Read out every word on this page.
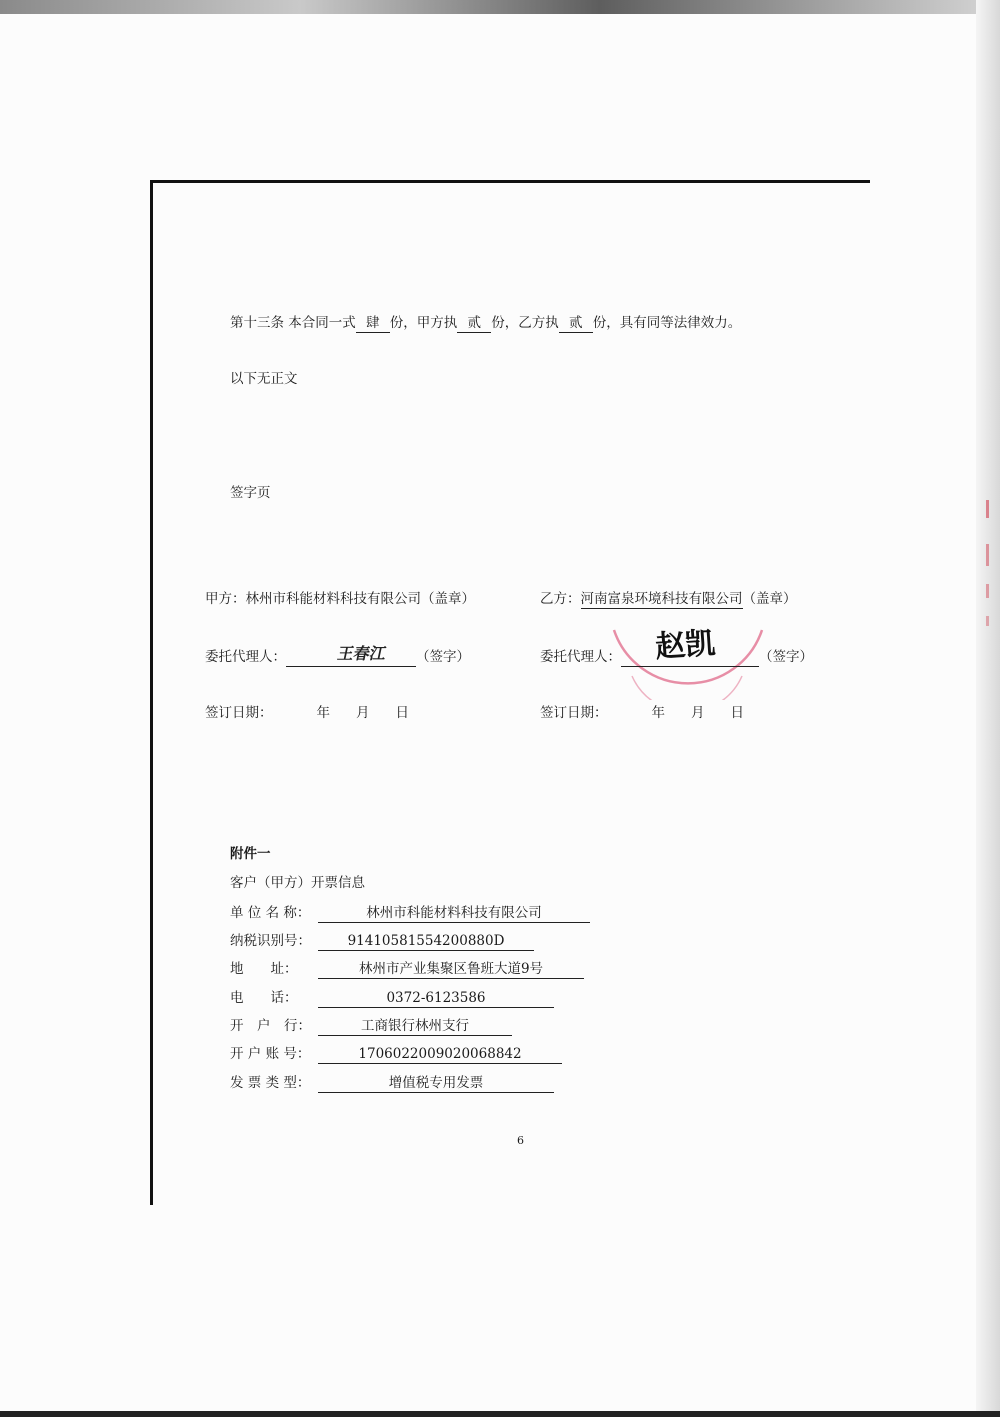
第十三条 本合同一式 肆 份，甲方执 贰 份，乙方执 贰 份，具有同等法律效力。
以下无正文
签字页
甲方：林州市科能材料科技有限公司（盖章）
委托代理人：	（签字）
王春江
签订日期：	年 月 日
乙方：河南富泉环境科技有限公司（盖章）
委托代理人：	（签字）
赵凯
签订日期：	年 月 日
附件一
客户（甲方）开票信息
单 位 名 称：	林州市科能材料科技有限公司
纳税识别号：	91410581554200880D
地　　址：	林州市产业集聚区鲁班大道9号
电　　话：	0372-6123586
开　户　行：	工商银行林州支行
开 户 账 号：	1706022009020068842
发 票 类 型：	增值税专用发票
6
